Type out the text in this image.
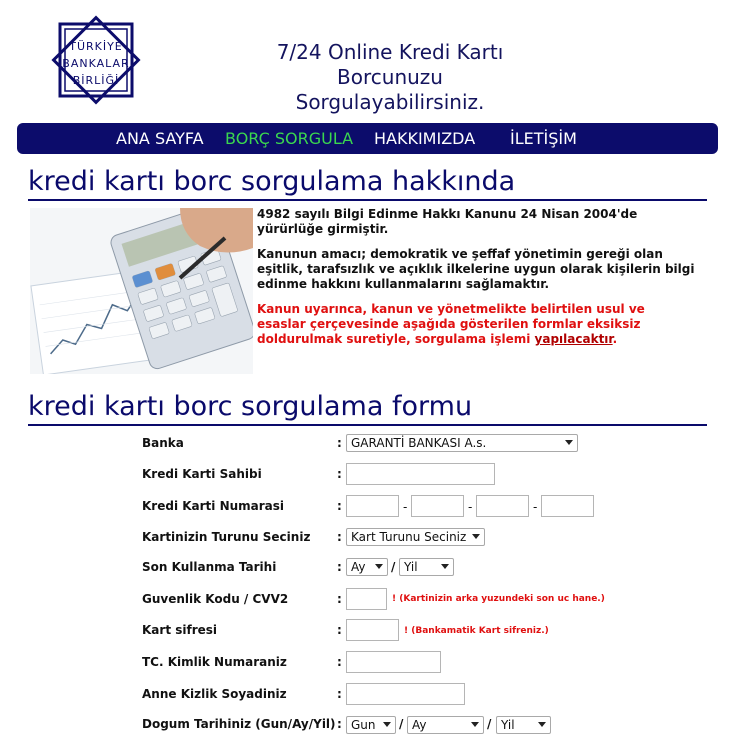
TÜRKİYE
BANKALAR
BİRLİĞİ
7/24 Online Kredi Kartı Borcunuzu
Sorgulayabilirsiniz.
ANA SAYFA BORÇ SORGULA HAKKIMIZDA İLETİŞİM
kredi kartı borc sorgulama hakkında

4982 sayılı Bilgi Edinme Hakkı Kanunu 24 Nisan 2004'de yürürlüğe girmiştir.

Kanunun amacı; demokratik ve şeffaf yönetimin gereği olan eşitlik, tarafsızlık ve açıklık ilkelerine uygun olarak kişilerin bilgi edinme hakkını kullanmalarını sağlamaktır.

Kanun uyarınca, kanun ve yönetmelikte belirtilen usul ve esaslar çerçevesinde aşağıda gösterilen formlar eksiksiz doldurulmak suretiyle, sorgulama işlemi yapılacaktır.

kredi kartı borc sorgulama formu
Banka	: GARANTİ BANKASI A.s.
Kredi Karti Sahibi	:
Kredi Karti Numarasi	:	-	-	-
Kartinizin Turunu Seciniz : Kart Turunu Seciniz
Son Kullanma Tarihi	: Ay	/ Yil
Guvenlik Kodu / CVV2	:	! (Kartinizin arka yuzundeki son uc hane.)
Kart sifresi	:	! (Bankamatik Kart sifreniz.)
TC. Kimlik Numaraniz	:
Anne Kizlik Soyadiniz	:
Dogum Tarihiniz (Gun/Ay/Yil) : Gun	/ Ay	/ Yil
